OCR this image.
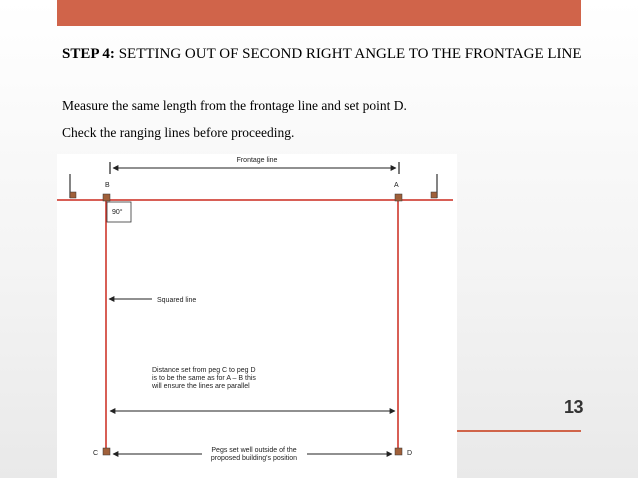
STEP 4: SETTING OUT OF SECOND RIGHT ANGLE TO THE FRONTAGE LINE
Measure the same length from the frontage line and set point D.
Check the ranging lines before proceeding.
Frontage line
B	A
90°
Squared line
Distance set from peg C to peg D
is to be the same as for A – B this
will ensure the lines are parallel
C	D
Pegs set well outside of the
proposed building's position
13
